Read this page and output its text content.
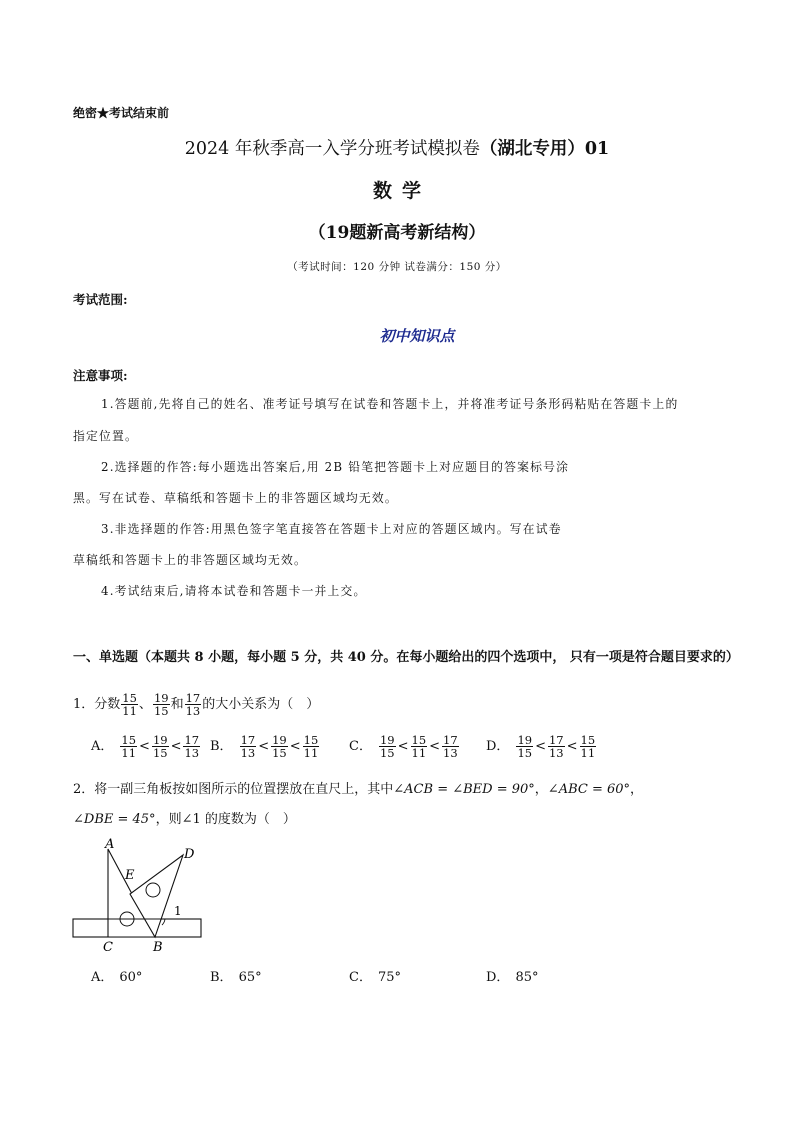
绝密★考试结束前
2024 年秋季高一入学分班考试模拟卷（湖北专用）01
数学
（19题新高考新结构）
（考试时间：120 分钟 试卷满分：150 分）
考试范围:
初中知识点
注意事项:
1.答题前,先将自己的姓名、准考证号填写在试卷和答题卡上，并将准考证号条形码粘贴在答题卡上的
指定位置。
2.选择题的作答:每小题选出答案后,用 2B 铅笔把答题卡上对应题目的答案标号涂
黑。写在试卷、草稿纸和答题卡上的非答题区域均无效。
3.非选择题的作答:用黑色签字笔直接答在答题卡上对应的答题区域内。写在试卷
草稿纸和答题卡上的非答题区域均无效。
4.考试结束后,请将本试卷和答题卡一并上交。
一、单选题（本题共 8 小题，每小题 5 分，共 40 分。在每小题给出的四个选项中， 只有一项是符合题目要求的）
1．分数 $\frac{15}{11}$ 、 $\frac{19}{15}$ 和 $\frac{17}{13}$ 的大小关系为（　）
A． $\frac{15}{11} < \frac{19}{15} < \frac{17}{13}$ B． $\frac{17}{13} < \frac{19}{15} < \frac{15}{11}$ C． $\frac{19}{15} < \frac{15}{11} < \frac{17}{13}$ D． $\frac{19}{15} < \frac{17}{13} < \frac{15}{11}$
2．将一副三角板按如图所示的位置摆放在直尺上，其中∠ACB = ∠BED = 90°，∠ABC = 60°，
∠DBE = 45°，则∠1 的度数为（　）
A
C	B
D
E
1
A． 60°	B． 65°	C． 75°	D． 85°
